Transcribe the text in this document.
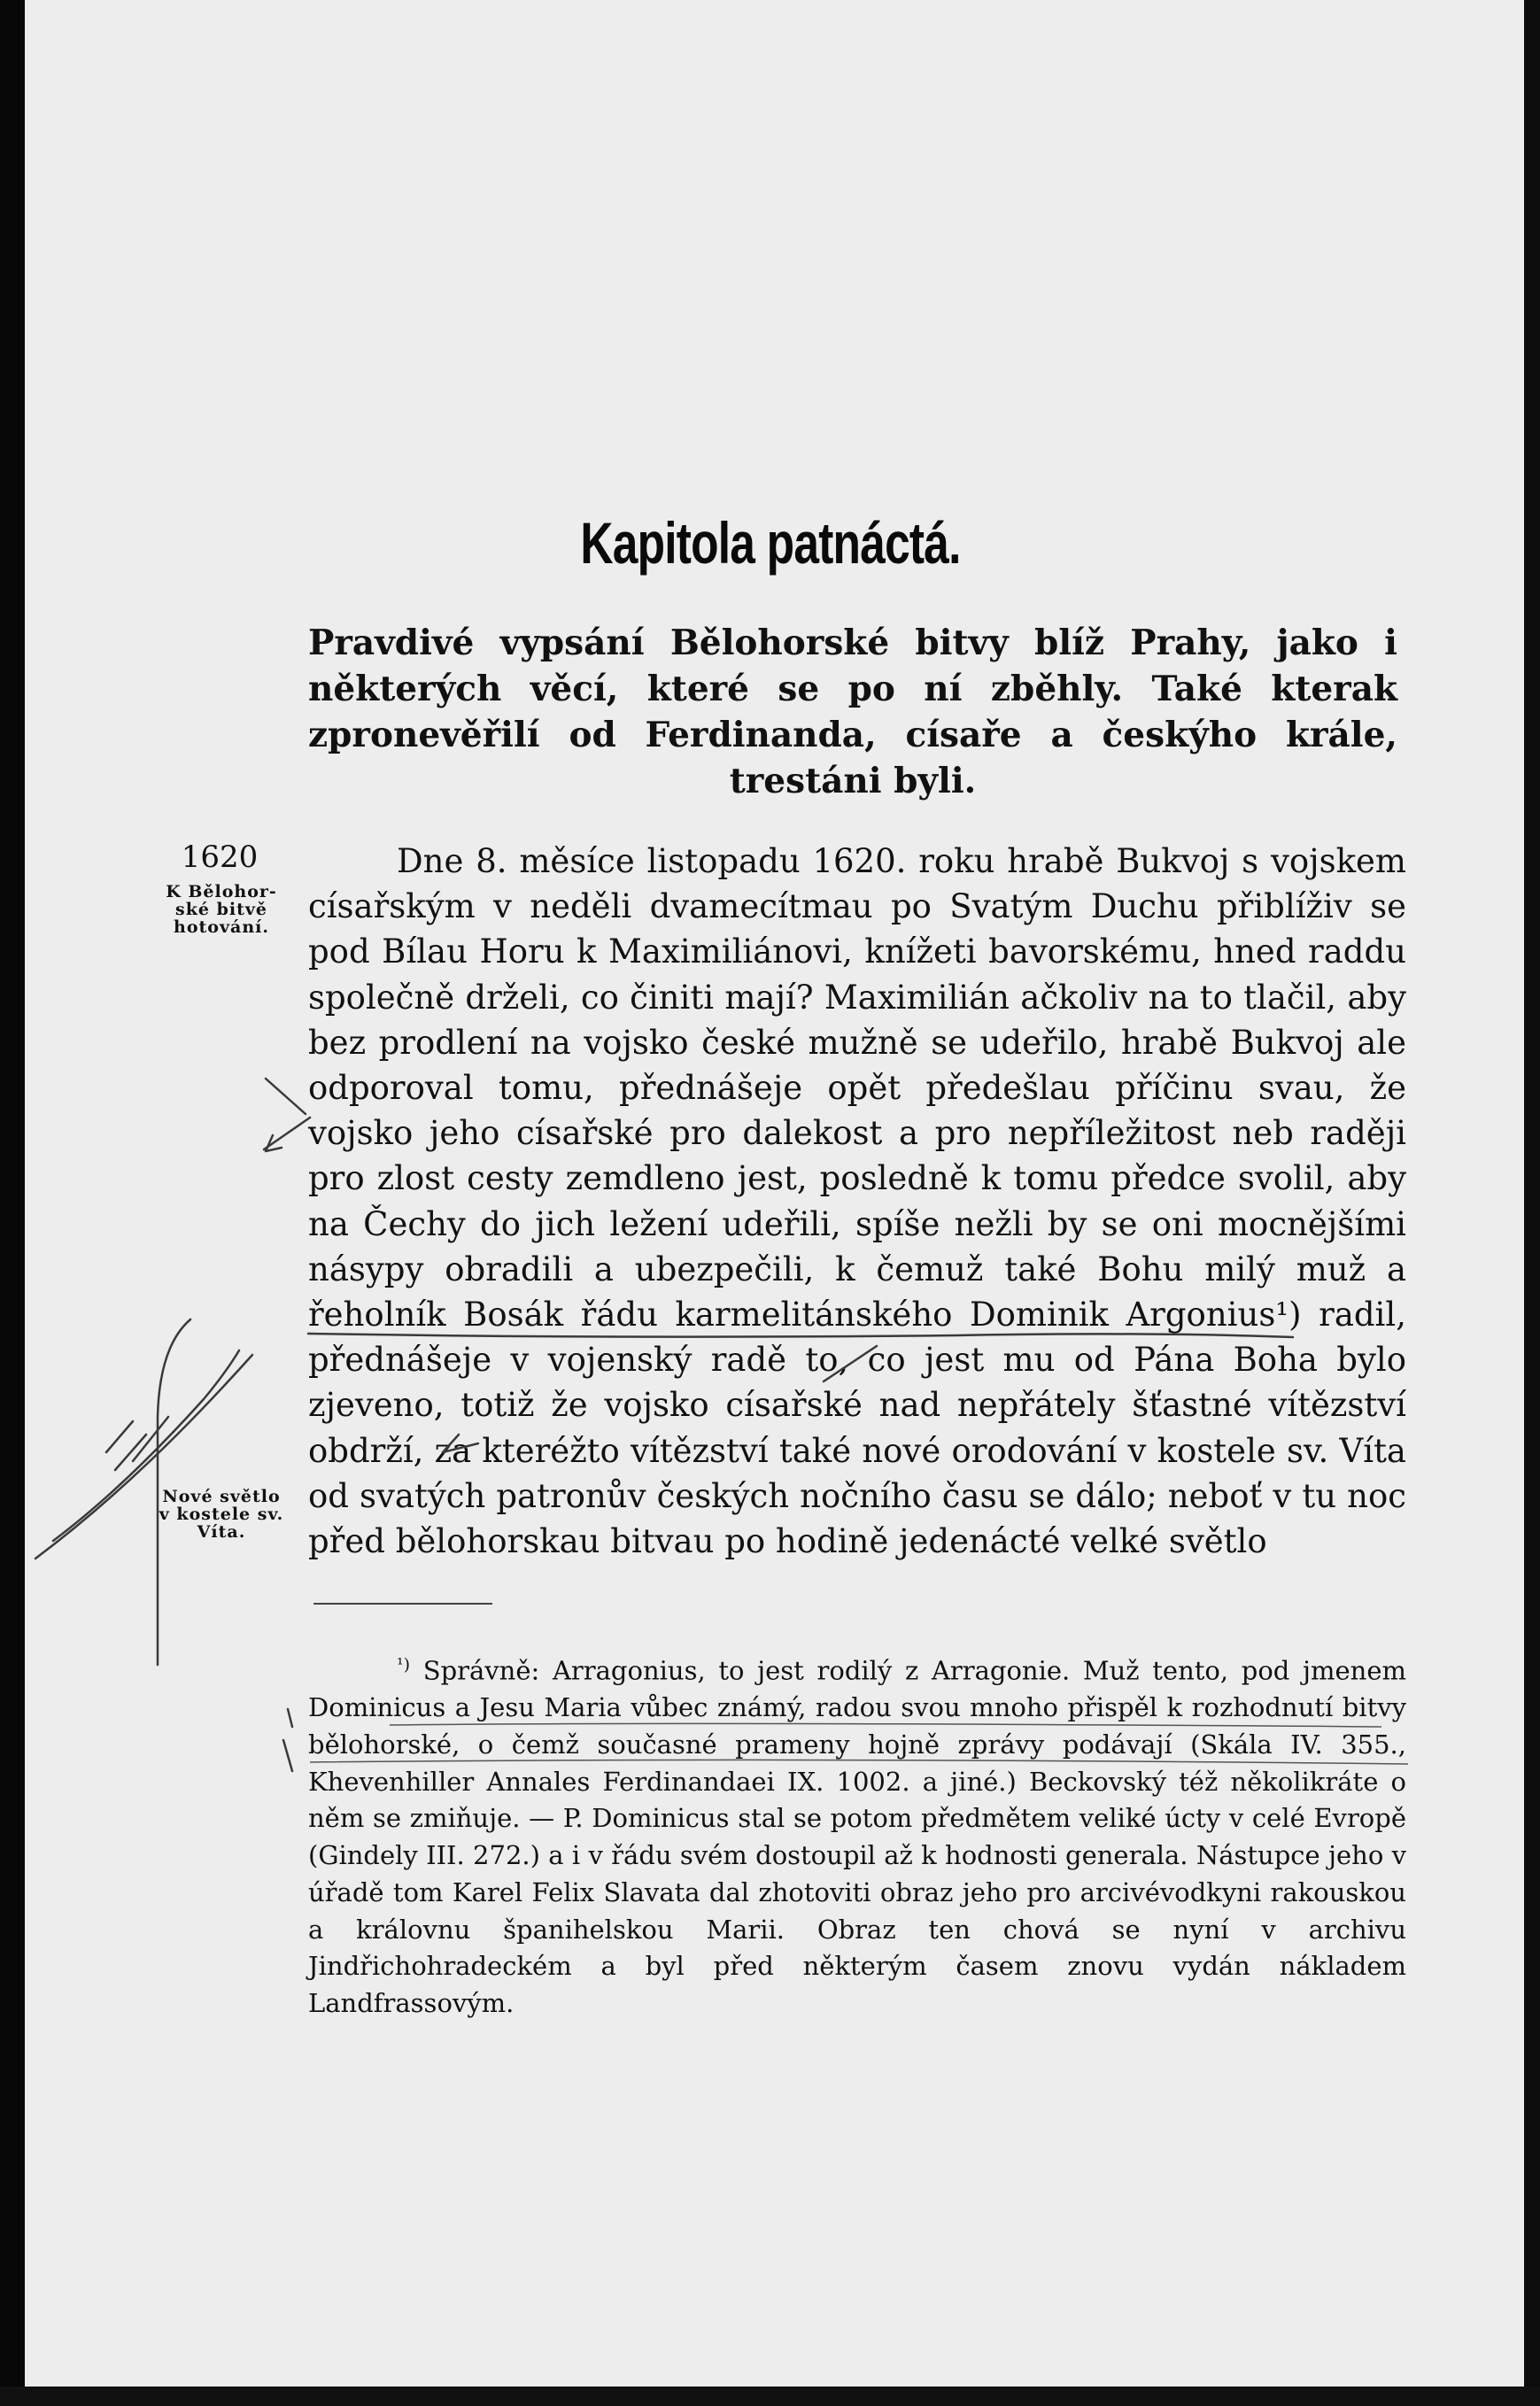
Kapitola patnáctá.
Pravdivé vypsání Bělohorské bitvy blíž Prahy, jako i některých věcí, které se po ní zběhly. Také kterak zpronevěřilí od Ferdinanda, císaře a českýho krále, trestáni byli.
1620
K Bělohor-
ské bitvě
hotování.
Nové světlo
v kostele sv.
Víta.

Dne 8. měsíce listopadu 1620. roku hrabě Bukvoj s vojskem císařským v neděli dvamecítmau po Svatým Duchu přiblíživ se pod Bílau Horu k Maximiliánovi, knížeti bavorskému, hned raddu společně drželi, co činiti mají? Maximilián ačkoliv na to tlačil, aby bez prodlení na vojsko české mužně se udeřilo, hrabě Bukvoj ale odporoval tomu, přednášeje opět předešlau příčinu svau, že vojsko jeho císařské pro dalekost a pro nepříležitost neb raději pro zlost cesty zemdleno jest, posledně k tomu předce svolil, aby na Čechy do jich ležení udeřili, spíše nežli by se oni mocnějšími násypy obradili a ubezpečili, k čemuž také Bohu milý muž a řeholník Bosák řádu karmelitánského Dominik Argonius¹) radil, přednášeje v vojenský radě to, co jest mu od Pána Boha bylo zjeveno, totiž že vojsko císařské nad nepřátely šťastné vítězství obdrží, za kteréžto vítězství také nové orodování v kostele sv. Víta od svatých patronův českých nočního času se dálo; neboť v tu noc před bělohorskau bitvau po hodině jedenácté velké světlo

$^{^1)}$ Správně: Arragonius, to jest rodilý z Arragonie. Muž tento, pod jmenem Dominicus a Jesu Maria vůbec známý, radou svou mnoho přispěl k rozhodnutí bitvy bělohorské, o čemž současné prameny hojně zprávy podávají (Skála IV. 355., Khevenhiller Annales Ferdinandaei IX. 1002. a jiné.) Beckovský též několikráte o něm se zmiňuje. — P. Dominicus stal se potom předmětem veliké úcty v celé Evropě (Gindely III. 272.) a i v řádu svém dostoupil až k hodnosti generala. Nástupce jeho v úřadě tom Karel Felix Slavata dal zhotoviti obraz jeho pro arcivévodkyni rakouskou a královnu španihelskou Marii. Obraz ten chová se nyní v archivu Jindřichohradeckém a byl před některým časem znovu vydán nákladem Landfrassovým.
